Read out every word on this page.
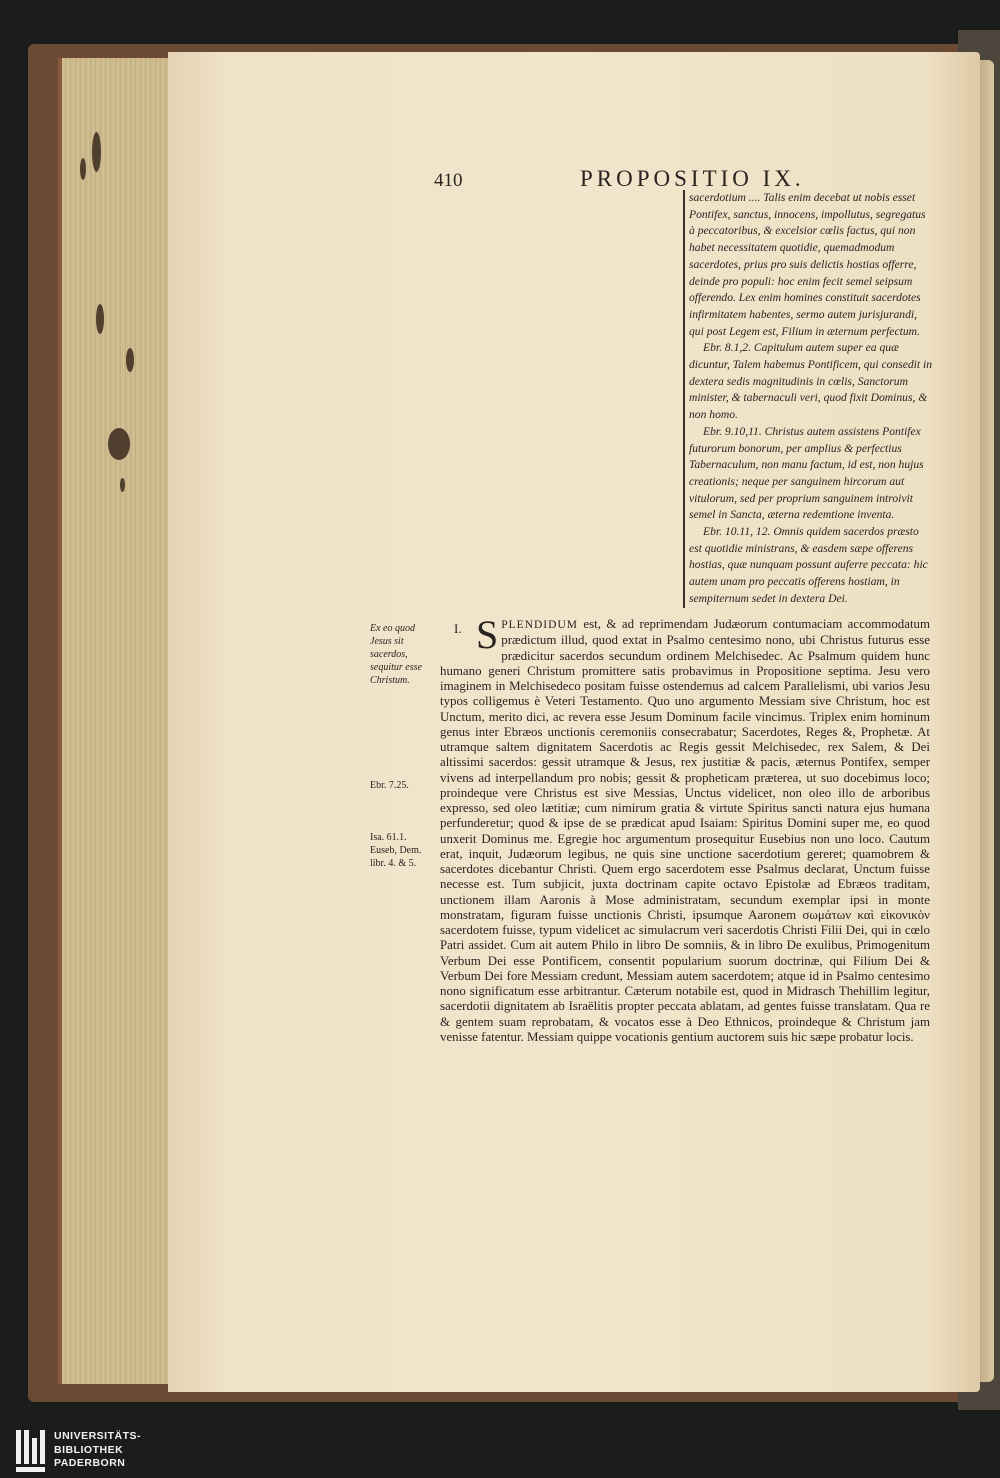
410	PROPOSITIO IX.

sacerdotium .... Talis enim decebat ut nobis esset Pontifex, sanctus, innocens, impollutus, segregatus à peccatoribus, & excelsior cœlis factus, qui non habet necessitatem quotidie, quemadmodum sacerdotes, prius pro suis delictis hostias offerre, deinde pro populi: hoc enim fecit semel seipsum offerendo. Lex enim homines constituit sacerdotes infirmitatem habentes, sermo autem jurisjurandi, qui post Legem est, Filium in æternum perfectum.

Ebr. 8.1,2. Capitulum autem super ea quæ dicuntur, Talem habemus Pontificem, qui consedit in dextera sedis magnitudinis in cœlis, Sanctorum minister, & tabernaculi veri, quod fixit Dominus, & non homo.

Ebr. 9.10,11. Christus autem assistens Pontifex futurorum bonorum, per amplius & perfectius Tabernaculum, non manu factum, id est, non hujus creationis; neque per sanguinem hircorum aut vitulorum, sed per proprium sanguinem introivit semel in Sancta, æterna redemtione inventa.

Ebr. 10.11, 12. Omnis quidem sacerdos præsto est quotidie ministrans, & easdem sæpe offerens hostias, quæ nunquam possunt auferre peccata: hic autem unam pro peccatis offerens hostiam, in sempiternum sedet in dextera Dei.

Ex eo quod Jesus sit sacerdos, sequitur esse Christum.
Ebr. 7.25.
Isa. 61.1. Euseb, Dem. libr. 4. & 5.
I. S PLENDIDUM est, & ad reprimendam Judæorum contumaciam accommodatum prædictum illud, quod extat in Psalmo centesimo nono, ubi Christus futurus esse prædicitur sacerdos secundum ordinem Melchisedec. Ac Psalmum quidem hunc humano generi Christum promittere satis probavimus in Propositione septima. Jesu vero imaginem in Melchisedeco positam fuisse ostendemus ad calcem Parallelismi, ubi varios Jesu typos colligemus è Veteri Testamento. Quo uno argumento Messiam sive Christum, hoc est Unctum, merito dici, ac revera esse Jesum Dominum facile vincimus. Triplex enim hominum genus inter Ebræos unctionis ceremoniis consecrabatur; Sacerdotes, Reges &, Prophetæ. At utramque saltem dignitatem Sacerdotis ac Regis gessit Melchisedec, rex Salem, & Dei altissimi sacerdos: gessit utramque & Jesus, rex justitiæ & pacis, æternus Pontifex, semper vivens ad interpellandum pro nobis; gessit & propheticam præterea, ut suo docebimus loco; proindeque vere Christus est sive Messias, Unctus videlicet, non oleo illo de arboribus expresso, sed oleo lætitiæ; cum nimirum gratia & virtute Spiritus sancti natura ejus humana perfunderetur; quod & ipse de se prædicat apud Isaiam: Spiritus Domini super me, eo quod unxerit Dominus me. Egregie hoc argumentum prosequitur Eusebius non uno loco. Cautum erat, inquit, Judæorum legibus, ne quis sine unctione sacerdotium gereret; quamobrem & sacerdotes dicebantur Christi. Quem ergo sacerdotem esse Psalmus declarat, Unctum fuisse necesse est. Tum subjicit, juxta doctrinam capite octavo Epistolæ ad Ebræos traditam, unctionem illam Aaronis à Mose administratam, secundum exemplar ipsi in monte monstratam, figuram fuisse unctionis Christi, ipsumque Aaronem σωμάτων καὶ εἰκονικὸν sacerdotem fuisse, typum videlicet ac simulacrum veri sacerdotis Christi Filii Dei, qui in cœlo Patri assidet. Cum ait autem Philo in libro De somniis, & in libro De exulibus, Primogenitum Verbum Dei esse Pontificem, consentit popularium suorum doctrinæ, qui Filium Dei & Verbum Dei fore Messiam credunt, Messiam autem sacerdotem; atque id in Psalmo centesimo nono significatum esse arbitrantur. Cæterum notabile est, quod in Midrasch Thehillim legitur, sacerdotii dignitatem ab Israëlitis propter peccata ablatam, ad gentes fuisse translatam. Qua re & gentem suam reprobatam, & vocatos esse à Deo Ethnicos, proindeque & Christum jam venisse fatentur. Messiam quippe vocationis gentium auctorem suis hic sæpe probatur locis.
UNIVERSITÄTS-
BIBLIOTHEK
PADERBORN
